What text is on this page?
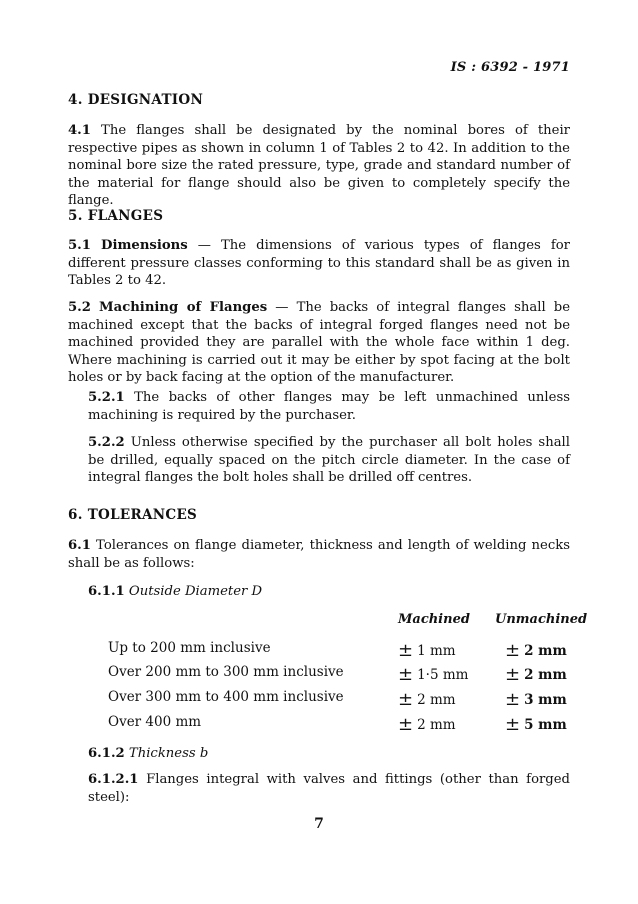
IS : 6392 - 1971
4. DESIGNATION
4.1 The flanges shall be designated by the nominal bores of their respective pipes as shown in column 1 of Tables 2 to 42. In addition to the nominal bore size the rated pressure, type, grade and standard number of the material for flange should also be given to completely specify the flange.
5. FLANGES
5.1 Dimensions — The dimensions of various types of flanges for different pressure classes conforming to this standard shall be as given in Tables 2 to 42.
5.2 Machining of Flanges — The backs of integral flanges shall be machined except that the backs of integral forged flanges need not be machined provided they are parallel with the whole face within 1 deg. Where machining is carried out it may be either by spot facing at the bolt holes or by back facing at the option of the manufacturer.
5.2.1 The backs of other flanges may be left unmachined unless machining is required by the purchaser.
5.2.2 Unless otherwise specified by the purchaser all bolt holes shall be drilled, equally spaced on the pitch circle diameter. In the case of integral flanges the bolt holes shall be drilled off centres.
6. TOLERANCES
6.1 Tolerances on flange diameter, thickness and length of welding necks shall be as follows:
6.1.1 Outside Diameter D
Machined Unmachined
Up to 200 mm inclusive	± 1 mm	± 2 mm
Over 200 mm to 300 mm inclusive	± 1·5 mm ± 2 mm
Over 300 mm to 400 mm inclusive	± 2 mm	± 3 mm
Over 400 mm	± 2 mm	± 5 mm
6.1.2 Thickness b
6.1.2.1 Flanges integral with valves and fittings (other than forged steel):
7
